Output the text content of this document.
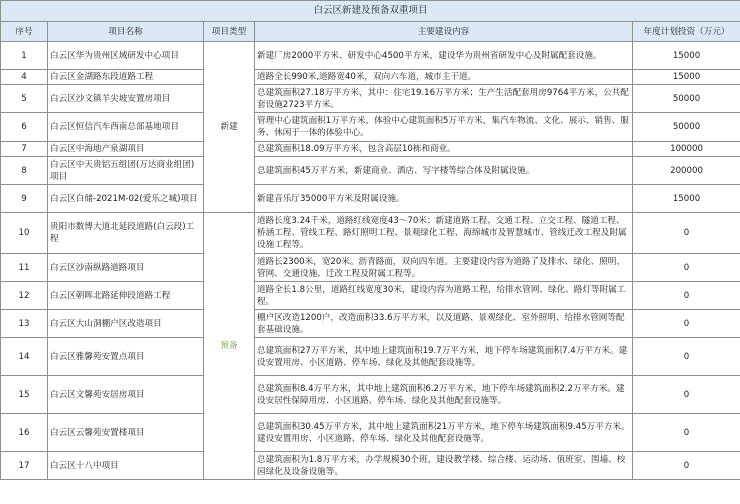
白云区新建及预备双重项目				
序号	项目名称	项目类型	主要建设内容	年度计划投资（万元）
1	白云区华为贵州区域研发中心项目	新建	新建厂房2000平方米、研发中心4500平方米，建设华为贵州省研发中心及附属配套设施。	15000
4	白云区金湖路东段道路工程		道路全长990米,道路宽40米，双向六车道，城市主干道。	15000
5	白云区沙文镇羊尖坡安置房项目		总建筑面积27.18万平方米，其中：住宅19.16万平方米；生产生活配套用房9764平方米，公共配套设施2723平方米。	50000
6	白云区恒信汽车西南总部基地项目		管理中心建筑面积1万平方米，体验中心建筑面积5万平方米，集汽车物流、文化、展示、销售、服务、休闲于一体的体验中心。	50000
7	白云区中海地产泉湖项目		总建筑面积18.09万平方米，包含高层10栋和商业。	100000
8	白云区中天贵铝五组团(万达商业组团)项目		总建筑面积45万平方米，新建商业、酒店、写字楼等综合体及附属设施。	200000
9	白云区白储-2021M-02(爱乐之城)项目		新建音乐厅35000平方米及附属设施。	15000
10	贵阳市数博大道北延段道路(白云段)工程	预备	道路长度3.24千米，道路红线宽度43～70米；新建道路工程、交通工程、立交工程、隧道工程、桥涵工程、管线工程、路灯照明工程、景观绿化工程、海绵城市及智慧城市、管线迁改工程及附属设施工程等。	0
11	白云区沙南纵路道路项目		道路长2300米，宽20米。沥青路面，双向四车道。主要建设内容为道路了及排水、绿化、照明、管网、交通设施、迁改工程及附属工程等。	0
12	白云区朝晖北路延伸段道路工程		道路全长1.8公里，道路红线宽度30米，建设内容为道路工程，给排水管网、绿化、路灯等附属工程。	0
13	白云区大山洞棚户区改造项目		棚户区改造1200户，改造面积33.6万平方米，以及道路、景观绿化、室外照明、给排水管网等配套基础设施。	0
14	白云区雅馨苑安置点项目		总建筑面积27万平方米，其中地上建筑面积19.7万平方米，地下停车场建筑面积7.4万平方米。建设安置用房、小区道路、停车场、绿化及其他配套设施等。	0
15	白云区文馨苑安居房项目		总建筑面积8.4万平方米，其中地上建筑面积6.2万平方米，地下停车场建筑面积2.2万平方米。建设安居性保障用房、小区道路、停车场、绿化及其他配套设施等。	0
16	白云区云馨苑安置楼项目		总建筑面积30.45万平方米，其中地上建筑面积21万平方米，地下停车场建筑面积9.45万平方米。建设安置用房、小区道路、停车场、绿化及其他配套设施等。	0
17	白云区十八中项目		总建筑面积为1.8万平方米，办学规模30个班，建设教学楼、综合楼、运动场、值班室、围墙、校园绿化及设备设施等。	0
